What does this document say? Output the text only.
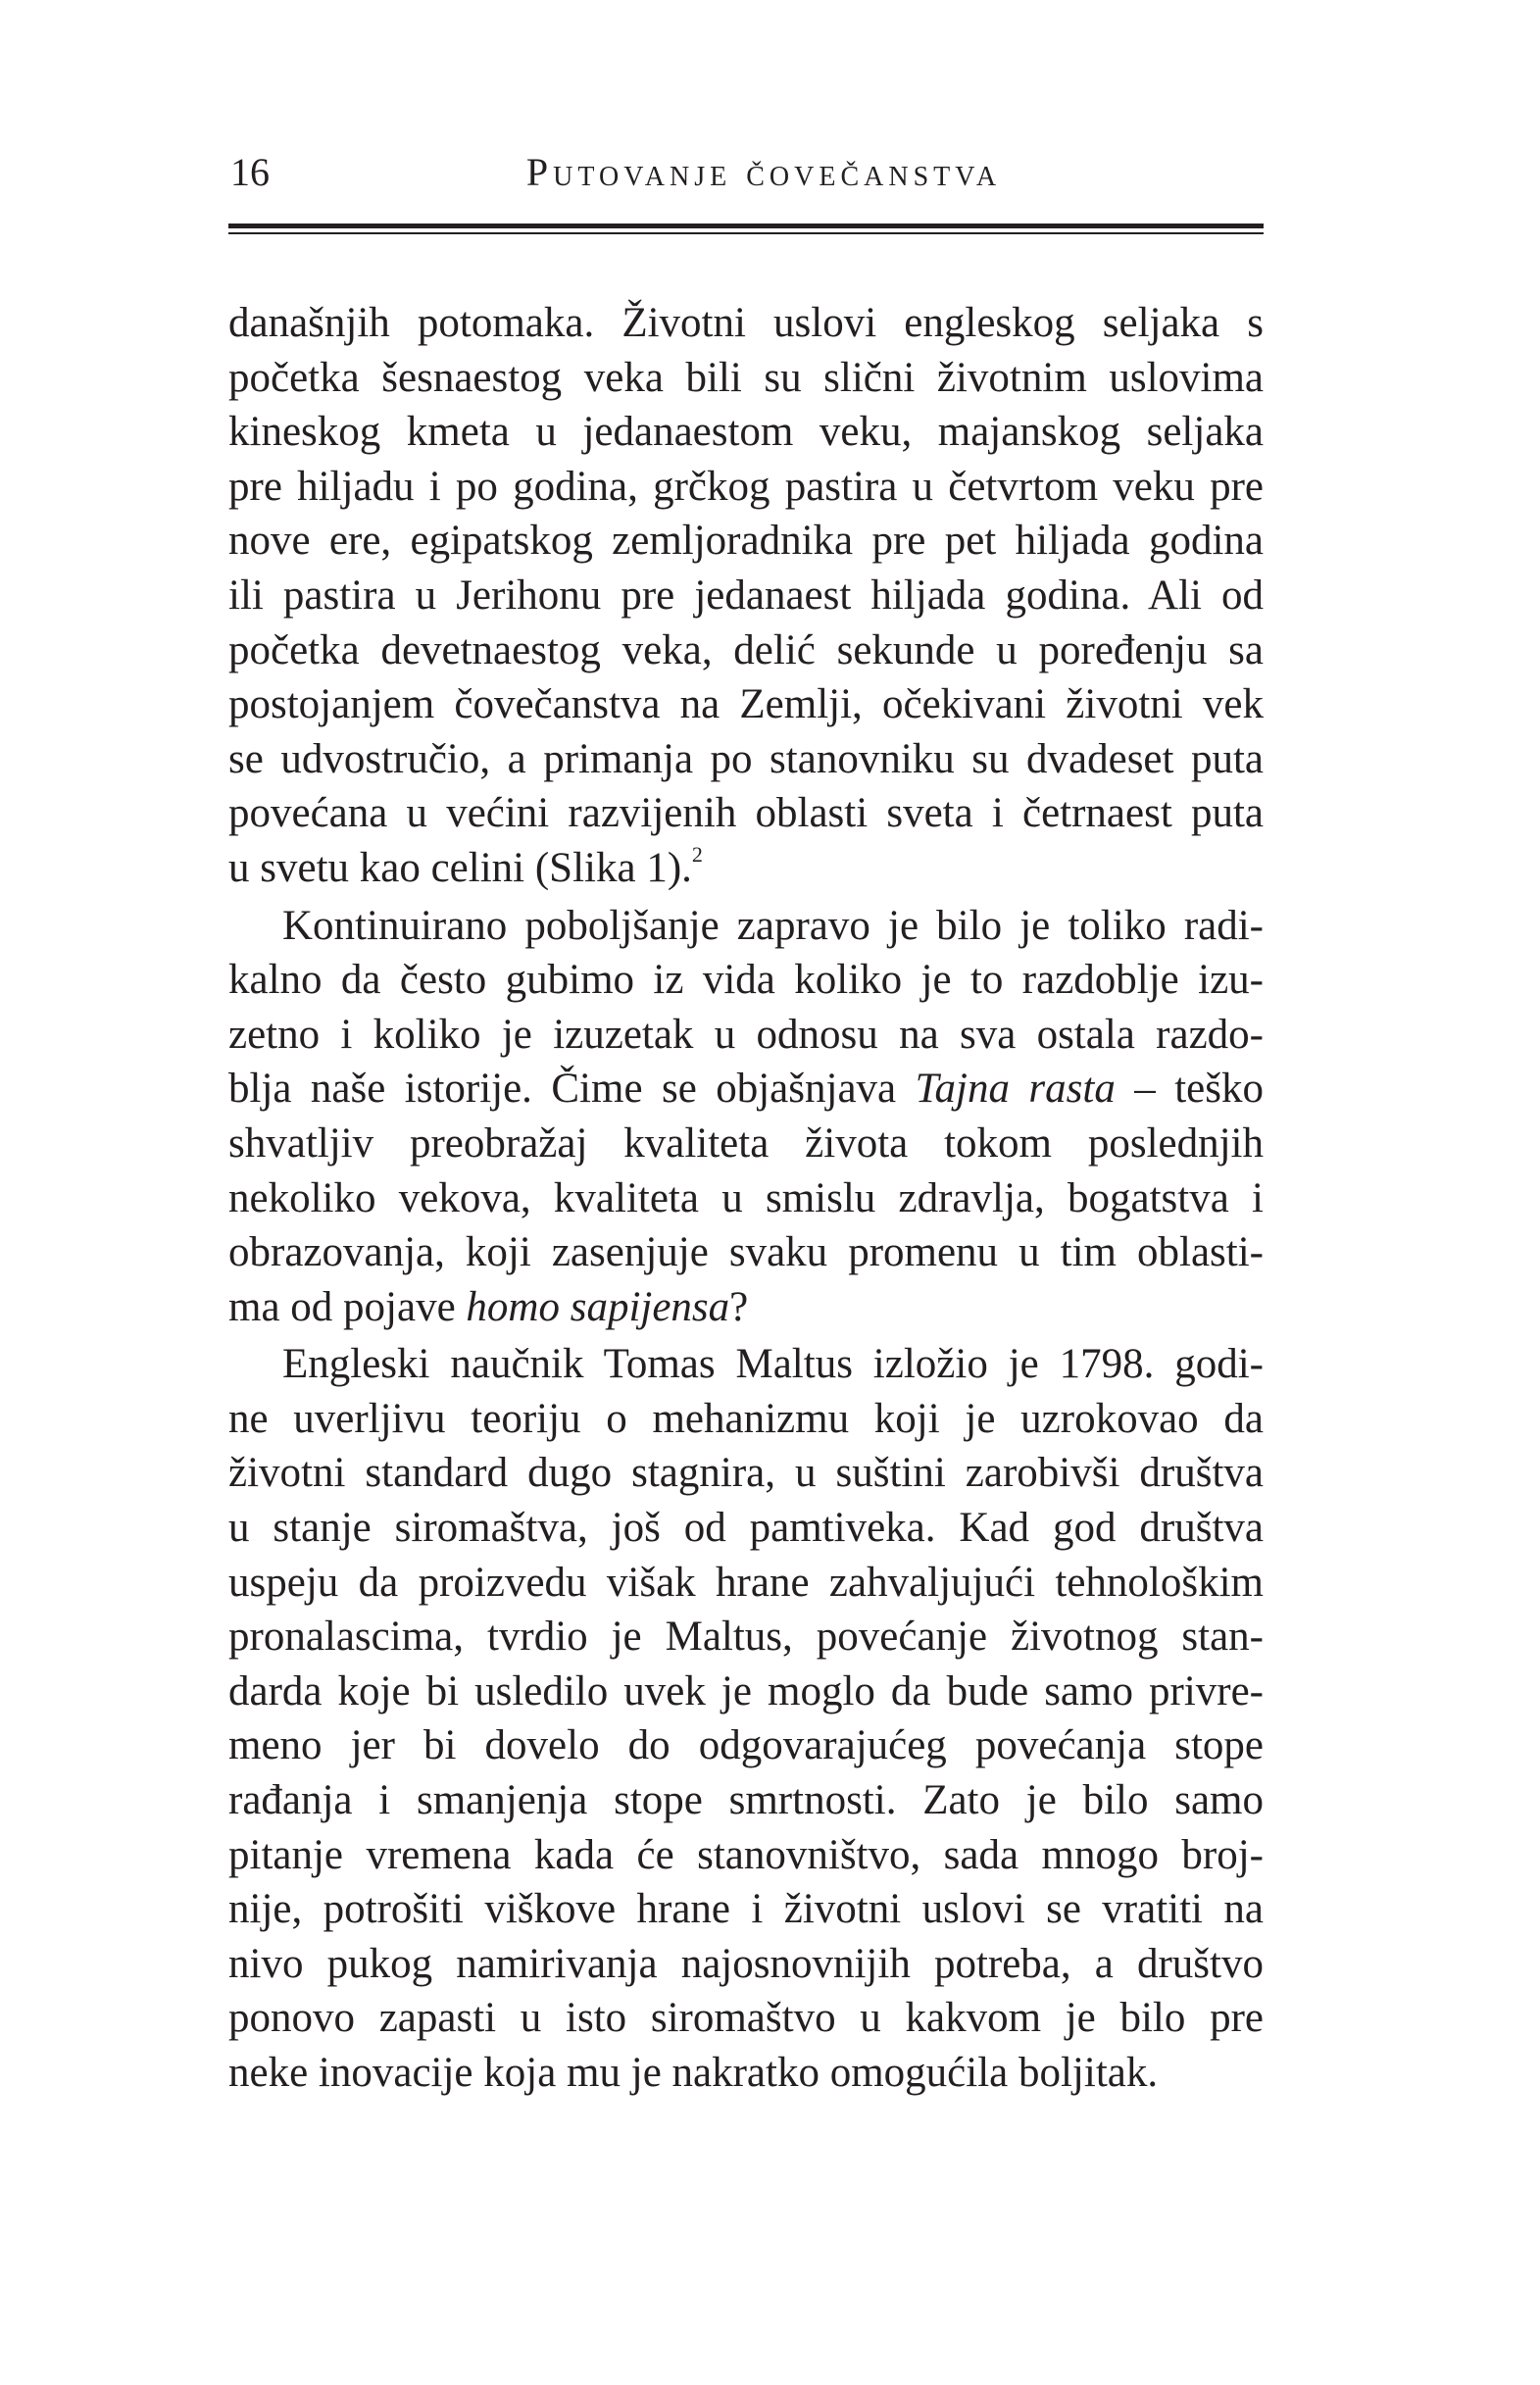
16	Putovanje čovečanstva
današnjih potomaka. Životni uslovi engleskog seljaka s
početka šesnaestog veka bili su slični životnim uslovima
kineskog kmeta u jedanaestom veku, majanskog seljaka
pre hiljadu i po godina, grčkog pastira u četvrtom veku pre
nove ere, egipatskog zemljoradnika pre pet hiljada godina
ili pastira u Jerihonu pre jedanaest hiljada godina. Ali od
početka devetnaestog veka, delić sekunde u poređenju sa
postojanjem čovečanstva na Zemlji, očekivani životni vek
se udvostručio, a primanja po stanovniku su dvadeset puta
povećana u većini razvijenih oblasti sveta i četrnaest puta
u svetu kao celini (Slika 1).$^2$
Kontinuirano poboljšanje zapravo je bilo je toliko radi-
kalno da često gubimo iz vida koliko je to razdoblje izu-
zetno i koliko je izuzetak u odnosu na sva ostala razdo-
blja naše istorije. Čime se objašnjava Tajna rasta – teško
shvatljiv preobražaj kvaliteta života tokom poslednjih
nekoliko vekova, kvaliteta u smislu zdravlja, bogatstva i
obrazovanja, koji zasenjuje svaku promenu u tim oblasti-
ma od pojave homo sapijensa?
Engleski naučnik Tomas Maltus izložio je 1798. godi-
ne uverljivu teoriju o mehanizmu koji je uzrokovao da
životni standard dugo stagnira, u suštini zarobivši društva
u stanje siromaštva, još od pamtiveka. Kad god društva
uspeju da proizvedu višak hrane zahvaljujući tehnološkim
pronalascima, tvrdio je Maltus, povećanje životnog stan-
darda koje bi usledilo uvek je moglo da bude samo privre-
meno jer bi dovelo do odgovarajućeg povećanja stope
rađanja i smanjenja stope smrtnosti. Zato je bilo samo
pitanje vremena kada će stanovništvo, sada mnogo broj-
nije, potrošiti viškove hrane i životni uslovi se vratiti na
nivo pukog namirivanja najosnovnijih potreba, a društvo
ponovo zapasti u isto siromaštvo u kakvom je bilo pre
neke inovacije koja mu je nakratko omogućila boljitak.
